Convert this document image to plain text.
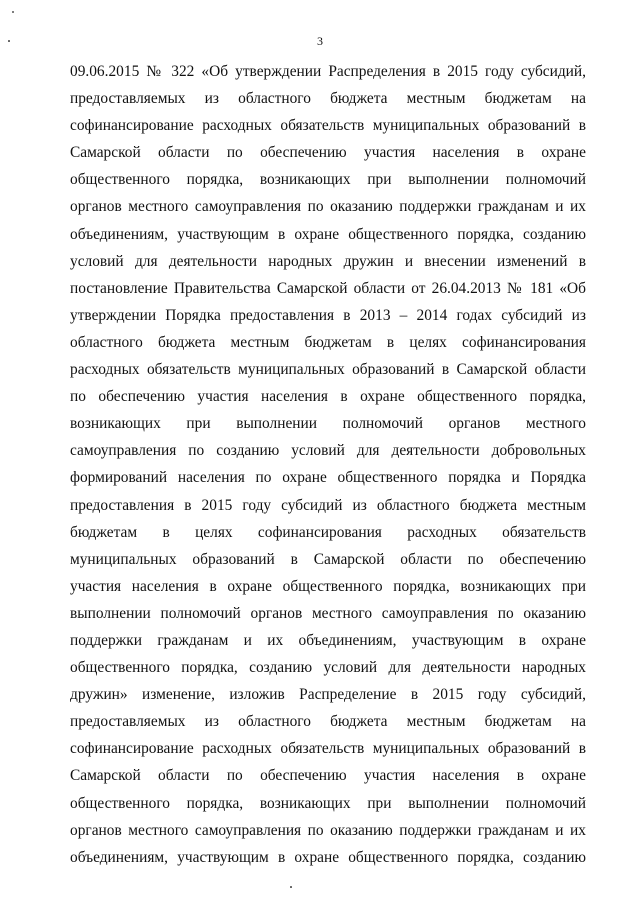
3
09.06.2015 № 322 «Об утверждении Распределения в 2015 году субсидий,
предоставляемых из областного бюджета местным бюджетам на
софинансирование расходных обязательств муниципальных образований в
Самарской области по обеспечению участия населения в охране
общественного порядка, возникающих при выполнении полномочий
органов местного самоуправления по оказанию поддержки гражданам и их
объединениям, участвующим в охране общественного порядка, созданию
условий для деятельности народных дружин и внесении изменений в
постановление Правительства Самарской области от 26.04.2013 № 181 «Об
утверждении Порядка предоставления в 2013 – 2014 годах субсидий из
областного бюджета местным бюджетам в целях софинансирования
расходных обязательств муниципальных образований в Самарской области
по обеспечению участия населения в охране общественного порядка,
возникающих при выполнении полномочий органов местного
самоуправления по созданию условий для деятельности добровольных
формирований населения по охране общественного порядка и Порядка
предоставления в 2015 году субсидий из областного бюджета местным
бюджетам в целях софинансирования расходных обязательств
муниципальных образований в Самарской области по обеспечению
участия населения в охране общественного порядка, возникающих при
выполнении полномочий органов местного самоуправления по оказанию
поддержки гражданам и их объединениям, участвующим в охране
общественного порядка, созданию условий для деятельности народных
дружин» изменение, изложив Распределение в 2015 году субсидий,
предоставляемых из областного бюджета местным бюджетам на
софинансирование расходных обязательств муниципальных образований в
Самарской области по обеспечению участия населения в охране
общественного порядка, возникающих при выполнении полномочий
органов местного самоуправления по оказанию поддержки гражданам и их
объединениям, участвующим в охране общественного порядка, созданию
